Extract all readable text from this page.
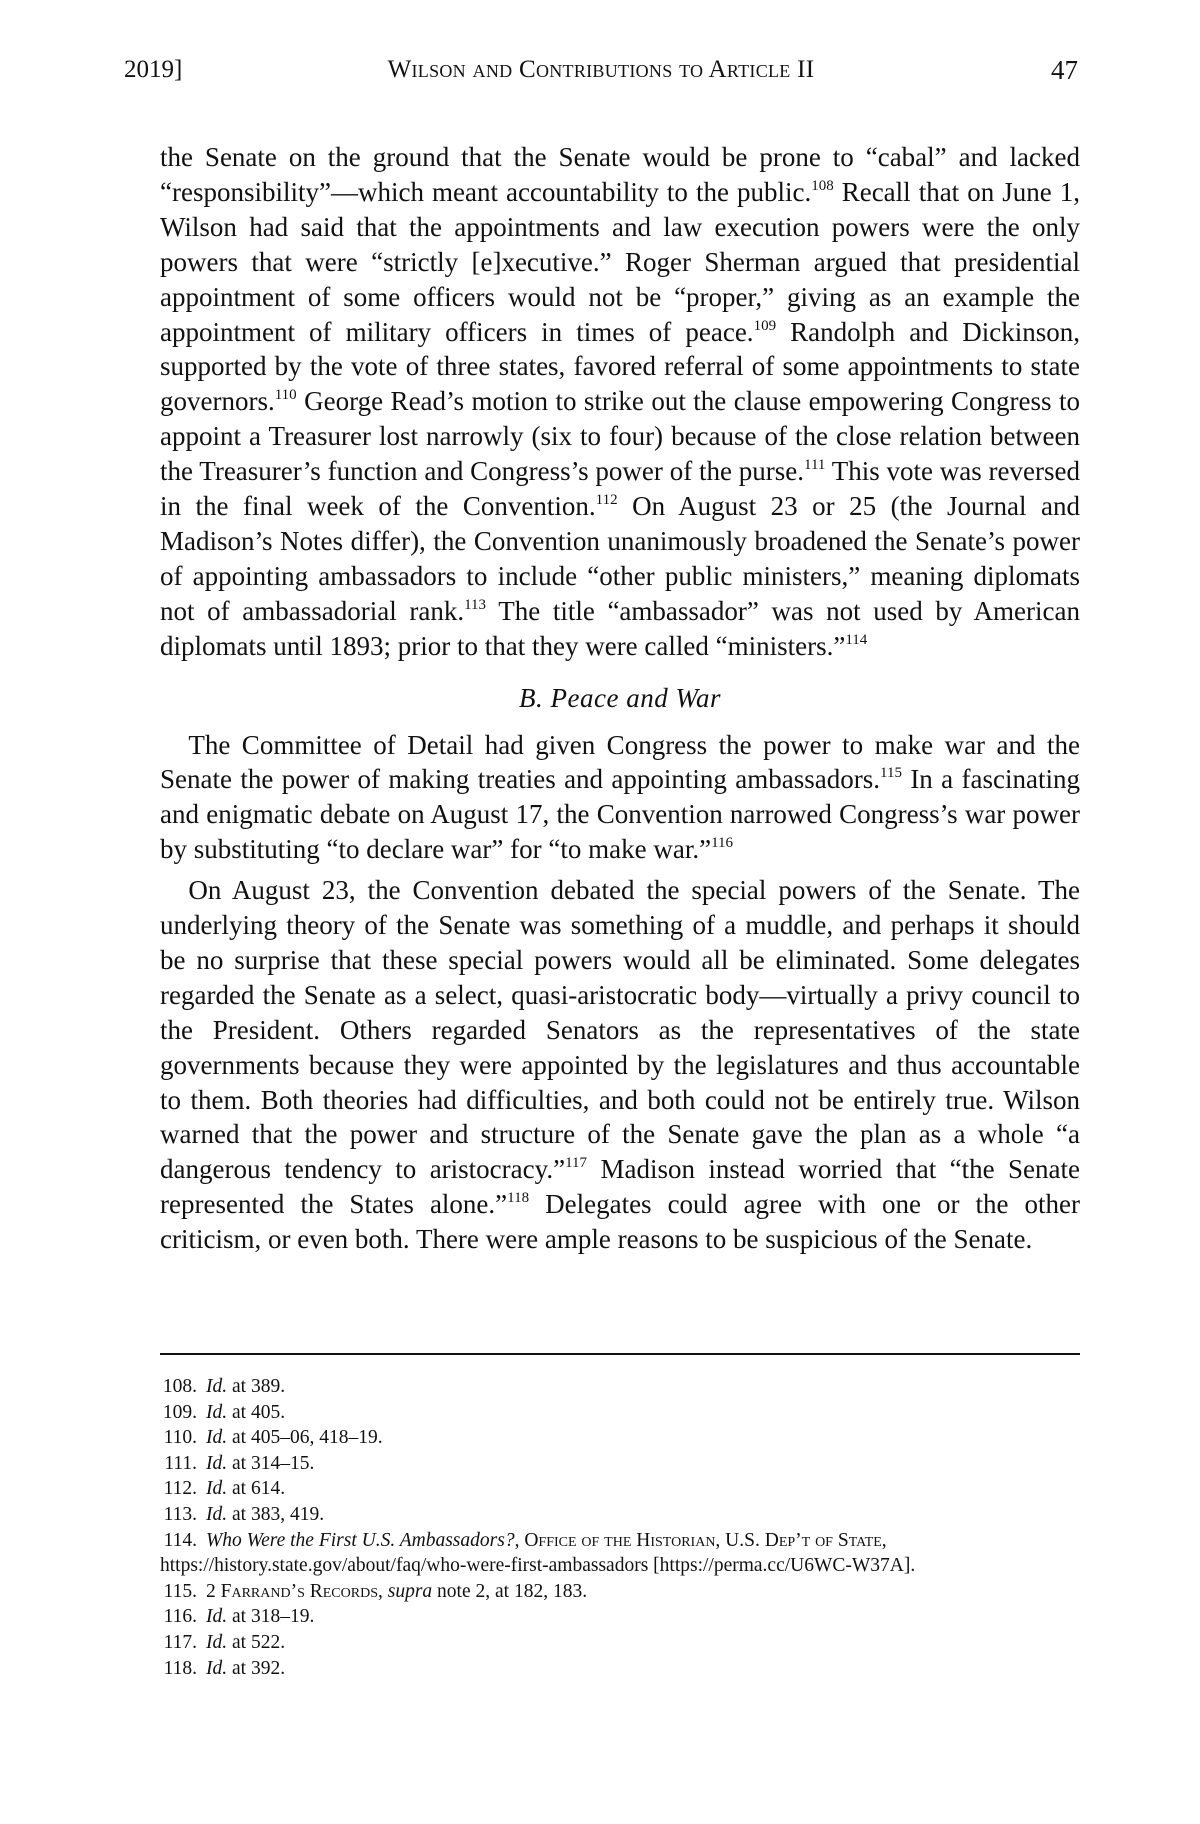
2019]	Wilson and Contributions to Article II	47

the Senate on the ground that the Senate would be prone to “cabal” and lacked “responsibility”—which meant accountability to the public.$^{108}$ Recall that on June 1, Wilson had said that the appointments and law execution powers were the only powers that were “strictly [e]xecutive.” Roger Sherman argued that presidential appointment of some officers would not be “proper,” giving as an example the appointment of military officers in times of peace.$^{109}$ Randolph and Dickinson, supported by the vote of three states, favored referral of some appointments to state governors.$^{110}$ George Read’s motion to strike out the clause empowering Congress to appoint a Treasurer lost narrowly (six to four) because of the close relation between the Treasurer’s function and Congress’s power of the purse.$^{111}$ This vote was reversed in the final week of the Convention.$^{112}$ On August 23 or 25 (the Journal and Madison’s Notes differ), the Convention unanimously broadened the Senate’s power of appointing ambassadors to include “other public ministers,” meaning diplomats not of ambassadorial rank.$^{113}$ The title “ambassador” was not used by American diplomats until 1893; prior to that they were called “ministers.”$^{114}$

B. Peace and War

The Committee of Detail had given Congress the power to make war and the Senate the power of making treaties and appointing ambassadors.$^{115}$ In a fascinating and enigmatic debate on August 17, the Convention narrowed Congress’s war power by substituting “to declare war” for “to make war.”$^{116}$

On August 23, the Convention debated the special powers of the Senate. The underlying theory of the Senate was something of a muddle, and perhaps it should be no surprise that these special powers would all be eliminated. Some delegates regarded the Senate as a select, quasi-aristocratic body—virtually a privy council to the President. Others regarded Senators as the representatives of the state governments because they were appointed by the legislatures and thus accountable to them. Both theories had difficulties, and both could not be entirely true. Wilson warned that the power and structure of the Senate gave the plan as a whole “a dangerous tendency to aristocracy.”$^{117}$ Madison instead worried that “the Senate represented the States alone.”$^{118}$ Delegates could agree with one or the other criticism, or even both. There were ample reasons to be suspicious of the Senate.

108. Id. at 389.
109. Id. at 405.
110. Id. at 405–06, 418–19.
111. Id. at 314–15.
112. Id. at 614.
113. Id. at 383, 419.
114. Who Were the First U.S. Ambassadors?, Office of the Historian, U.S. Dep’t of State, https://history.state.gov/about/faq/who-were-first-ambassadors [https://perma.cc/U6WC-W37A].
115. 2 Farrand’s Records, supra note 2, at 182, 183.
116. Id. at 318–19.
117. Id. at 522.
118. Id. at 392.
